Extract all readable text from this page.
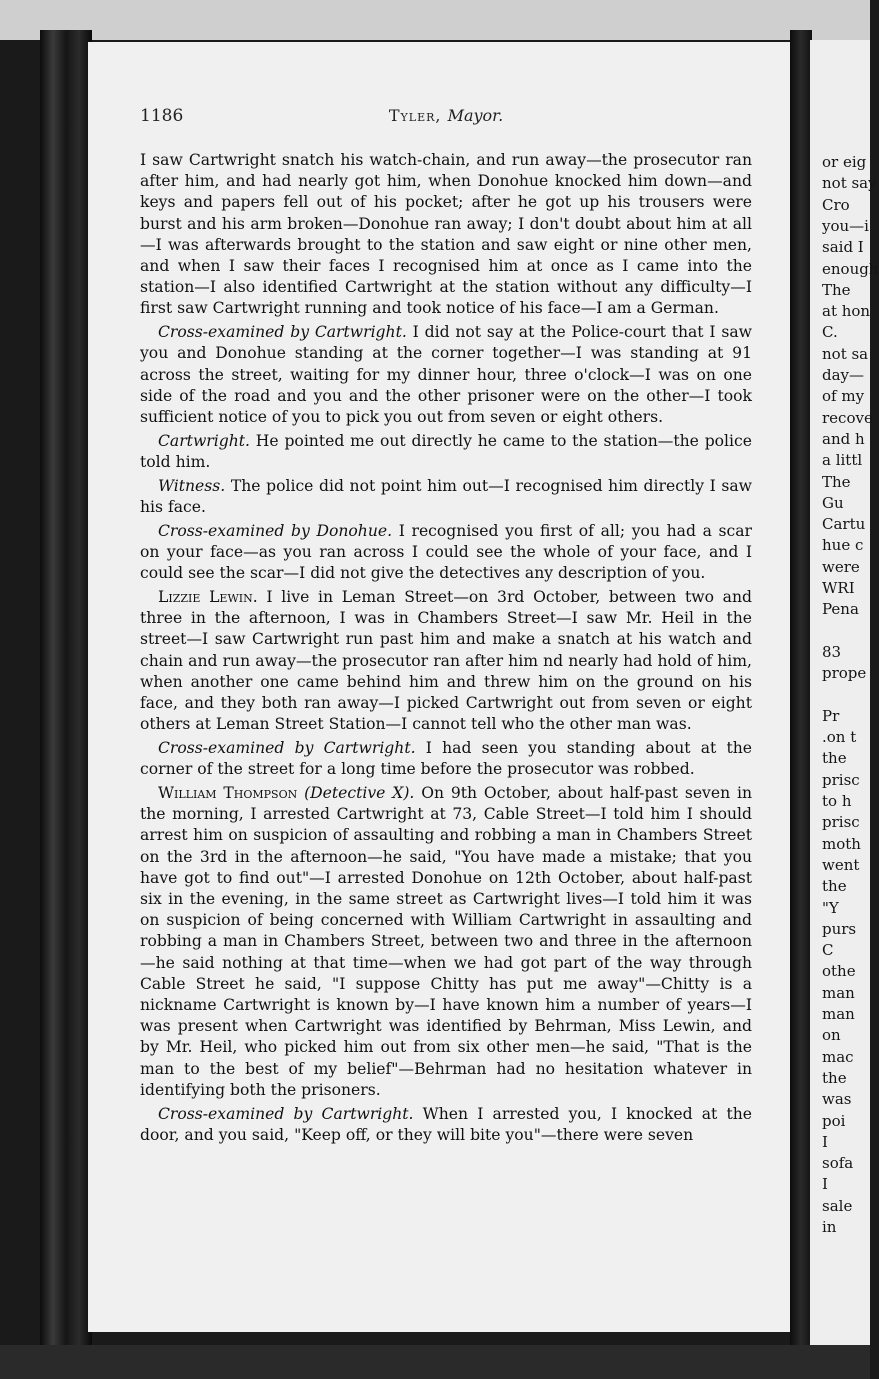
or eig
not say
Cro
you—i
said I
enough
The
at hon
C.
not sa
day—
of my
recove
and h
a littl
The
Gu
Cartu
hue c
were
WRI
Pena
83
prope
Pr
.on t
the
prisc
to h
prisc
moth
went
the
"Y
purs
C
othe
man
man
on
mac
the
was
poi
I
sofa
I
sale
in
1186	Tyler, Mayor.

I saw Cartwright snatch his watch-chain, and run away—the prosecutor ran after him, and had nearly got him, when Donohue knocked him down—and keys and papers fell out of his pocket; after he got up his trousers were burst and his arm broken—Donohue ran away; I don't doubt about him at all—I was afterwards brought to the station and saw eight or nine other men, and when I saw their faces I recognised him at once as I came into the station—I also identified Cartwright at the station without any difficulty—I first saw Cartwright running and took notice of his face—I am a German.

Cross-examined by Cartwright. I did not say at the Police-court that I saw you and Donohue standing at the corner together—I was standing at 91 across the street, waiting for my dinner hour, three o'clock—I was on one side of the road and you and the other prisoner were on the other—I took sufficient notice of you to pick you out from seven or eight others.

Cartwright. He pointed me out directly he came to the station—the police told him.

Witness. The police did not point him out—I recognised him directly I saw his face.

Cross-examined by Donohue. I recognised you first of all; you had a scar on your face—as you ran across I could see the whole of your face, and I could see the scar—I did not give the detectives any description of you.

Lizzie Lewin. I live in Leman Street—on 3rd October, between two and three in the afternoon, I was in Chambers Street—I saw Mr. Heil in the street—I saw Cartwright run past him and make a snatch at his watch and chain and run away—the prosecutor ran after him nd nearly had hold of him, when another one came behind him and threw him on the ground on his face, and they both ran away—I picked Cartwright out from seven or eight others at Leman Street Station—I cannot tell who the other man was.

Cross-examined by Cartwright. I had seen you standing about at the corner of the street for a long time before the prosecutor was robbed.

William Thompson (Detective X). On 9th October, about half-past seven in the morning, I arrested Cartwright at 73, Cable Street—I told him I should arrest him on suspicion of assaulting and robbing a man in Chambers Street on the 3rd in the afternoon—he said, "You have made a mistake; that you have got to find out"—I arrested Donohue on 12th October, about half-past six in the evening, in the same street as Cartwright lives—I told him it was on suspicion of being concerned with William Cartwright in assaulting and robbing a man in Chambers Street, between two and three in the afternoon—he said nothing at that time—when we had got part of the way through Cable Street he said, "I suppose Chitty has put me away"—Chitty is a nickname Cartwright is known by—I have known him a number of years—I was present when Cartwright was identified by Behrman, Miss Lewin, and by Mr. Heil, who picked him out from six other men—he said, "That is the man to the best of my belief"—Behrman had no hesitation whatever in identifying both the prisoners.

Cross-examined by Cartwright. When I arrested you, I knocked at the door, and you said, "Keep off, or they will bite you"—there were seven
